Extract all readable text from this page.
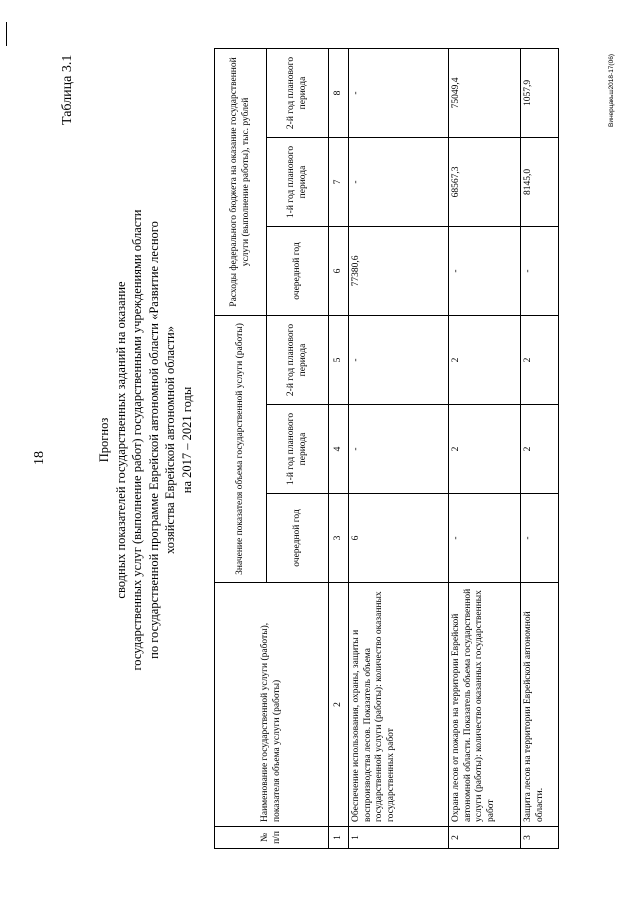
18
Таблица 3.1
Прогноз сводных показателей государственных заданий на оказание государственных услуг (выполнение работ) государственными учреждениями области по государственной программе Еврейской автономной области «Развитие лесного хозяйства Еврейской автономной области» на 2017 – 2021 годы
№ п/п	Наименование государственной услуги (работы), показателя объема услуги (работы)	Значение показателя объема государственной услуги (работы)			Расходы федерального бюджета на оказание государственной услуги (выполнение работы), тыс. рублей		
		очередной год	1-й год планового периода	2-й год планового периода	очередной год	1-й год планового периода	2-й год планового периода
1	2	3	4	5	6	7	8
1	Обеспечение использования, охраны, защиты и воспроизводства лесов. Показатель объема государственной услуги (работы): количество оказанных государственных работ	6	-	-	77380,6	-	-
2	Охрана лесов от пожаров на территории Еврейской автономной области. Показатель объема государственной услуги (работы): количество оказанных государственных работ	-	2	2	-	68567,3	75049,4
3	Защита лесов на территории Еврейской автономной области.	-	2	2	-	8145,0	1057,9	Винерцакьш2018-17(06)
